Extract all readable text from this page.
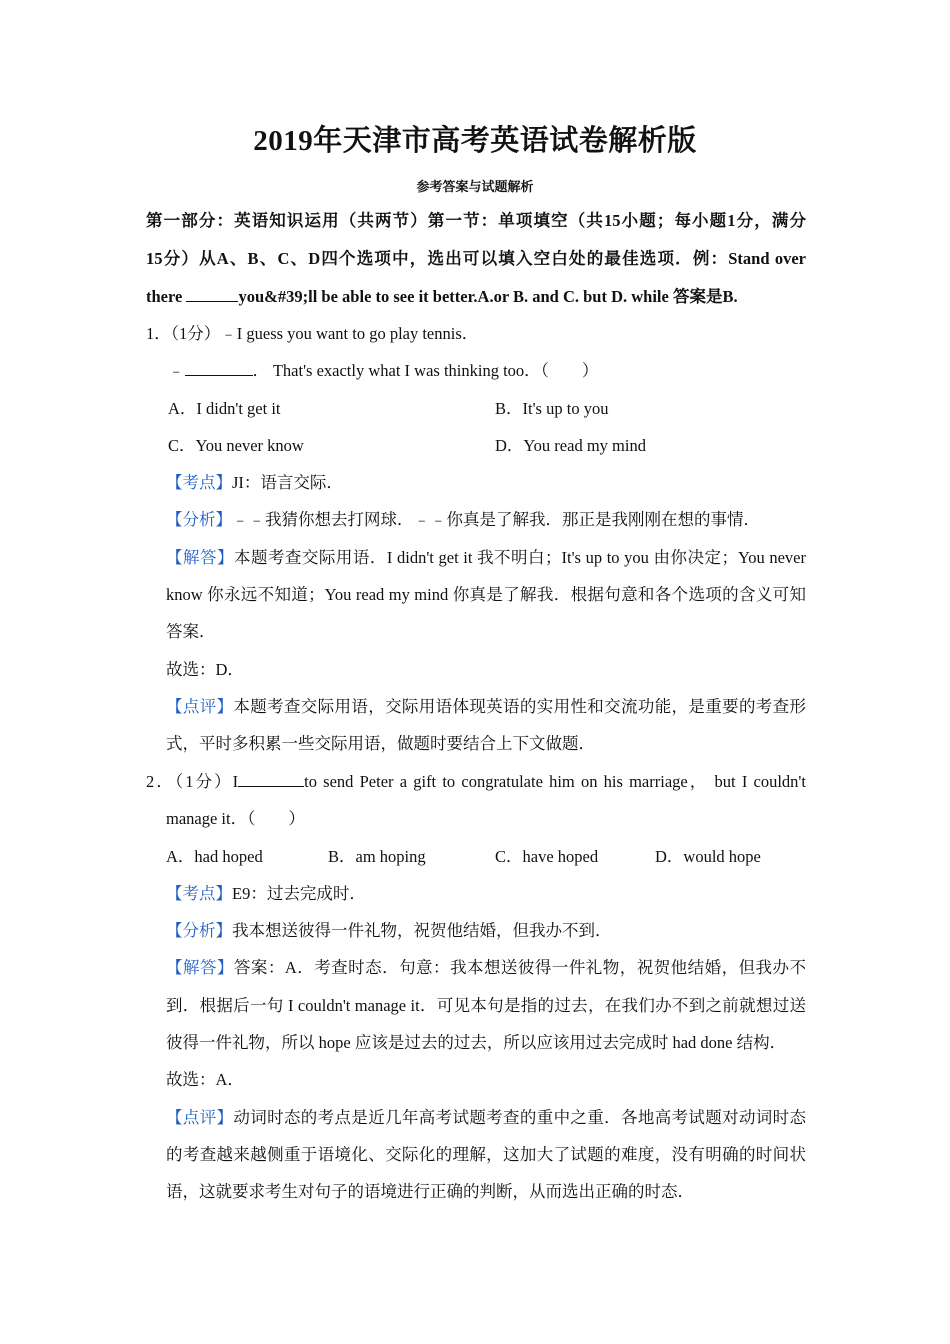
2019年天津市高考英语试卷解析版
参考答案与试题解析
第一部分：英语知识运用（共两节）第一节：单项填空（共15小题；每小题1分，满分
15分）从A、B、C、D四个选项中，选出可以填入空白处的最佳选项．例：Stand over
there	you&#39;ll be able to see it better.A.or B. and C. but D. while 答案是B.
1．（1分）﹣I guess you want to go play tennis．
﹣	． That's exactly what I was thinking too．（　　）
A．I didn't get it	B．It's up to you
C．You never know	D．You read my mind
【考点】JI：语言交际．
【分析】﹣﹣我猜你想去打网球．﹣﹣你真是了解我．那正是我刚刚在想的事情．
【解答】本题考查交际用语．I didn't get it 我不明白；It's up to you 由你决定；You never
know 你永远不知道；You read my mind 你真是了解我．根据句意和各个选项的含义可知
答案．
故选：D．
【点评】本题考查交际用语，交际用语体现英语的实用性和交流功能，是重要的考查形
式，平时多积累一些交际用语，做题时要结合上下文做题．
2．（1分）I	to send Peter a gift to congratulate him on his marriage， but I couldn't
manage it．（　　）
A．had hoped	B．am hoping	C．have hoped	D．would hope
【考点】E9：过去完成时．
【分析】我本想送彼得一件礼物，祝贺他结婚，但我办不到．
【解答】答案：A．考查时态．句意：我本想送彼得一件礼物，祝贺他结婚，但我办不
到．根据后一句 I couldn't manage it．可见本句是指的过去，在我们办不到之前就想过送
彼得一件礼物，所以 hope 应该是过去的过去，所以应该用过去完成时 had done 结构．
故选：A．
【点评】动词时态的考点是近几年高考试题考查的重中之重．各地高考试题对动词时态
的考查越来越侧重于语境化、交际化的理解，这加大了试题的难度，没有明确的时间状
语，这就要求考生对句子的语境进行正确的判断，从而选出正确的时态．
